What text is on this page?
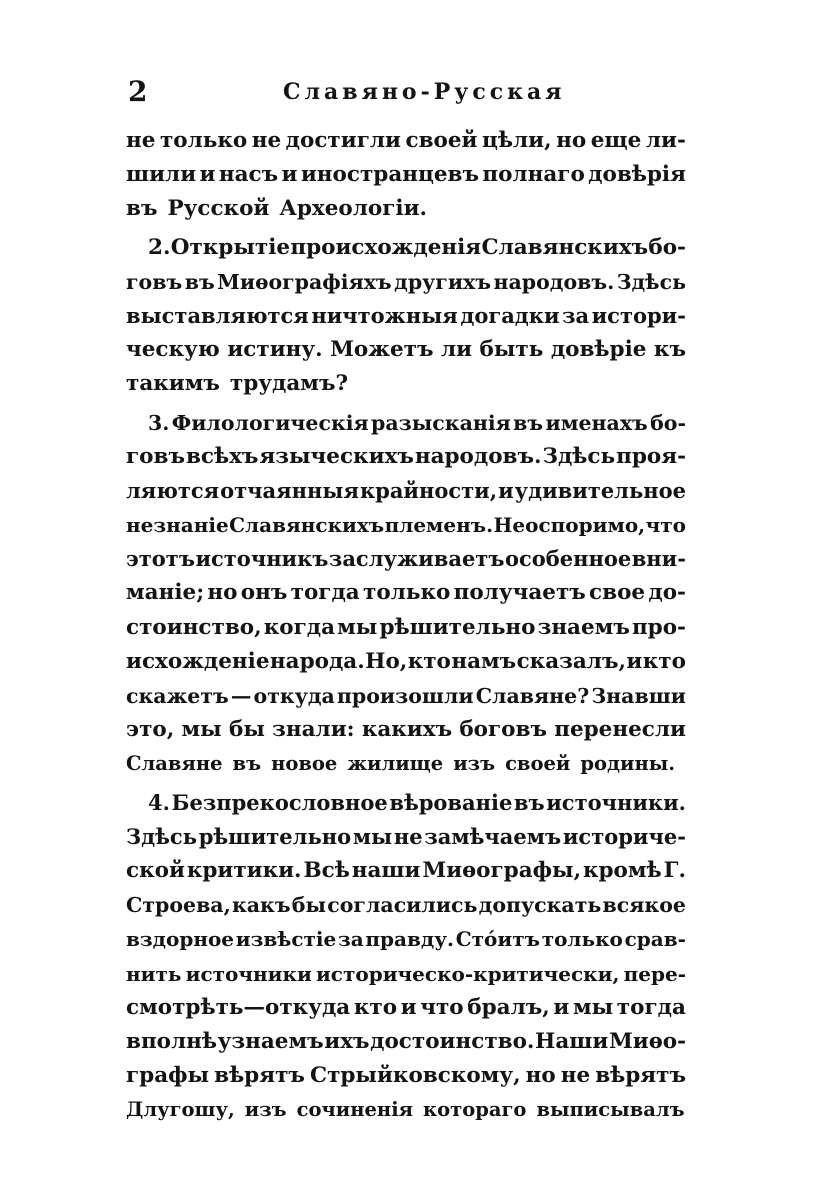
2	Славяно-Русская
не только не достигли своей цѣли, но еще ли-
шили и насъ и иностранцевъ полнаго довѣрія
въ Русской Археологіи.
2. Открытіе происхожденія Славянскихъ бо-
говъ въ Миѳографіяхъ другихъ народовъ. Здѣсь
выставляются ничтожныя догадки за истори-
ческую истину. Можетъ ли быть довѣріе къ
такимъ трудамъ?
3. Филологическія разысканія въ именахъ бо-
говъ всѣхъ языческихъ народовъ. Здѣсь проя-
ляются отчаянныя крайности, и удивительное
незнаніе Славянскихъ племенъ. Неоспоримо, что
этотъ источникъ заслуживаетъ особенное вни-
маніе; но онъ тогда только получаетъ свое до-
стоинство, когда мы рѣшительно знаемъ про-
исхожденіе народа. Но, кто намъ сказалъ, и кто
скажетъ — откуда произошли Славяне? Знавши
это, мы бы знали: какихъ боговъ перенесли
Славяне въ новое жилище изъ своей родины.
4. Безпрекословное вѣрованіе въ источники.
Здѣсь рѣшительно мы не замѣчаемъ историче-
ской критики. Всѣ наши Миѳографы, кромѣ Г.
Строева, какъ бы согласились допускать всякое
вздорное извѣстіе за правду. Стóитъ только срав-
нить источники историческо-критически, пере-
смотрѣть—откуда кто и что бралъ, и мы тогда
вполнѣ узнаемъ ихъ достоинство. Наши Миѳо-
графы вѣрятъ Стрыйковскому, но не вѣрятъ
Длугошу, изъ сочиненія котораго выписывалъ
